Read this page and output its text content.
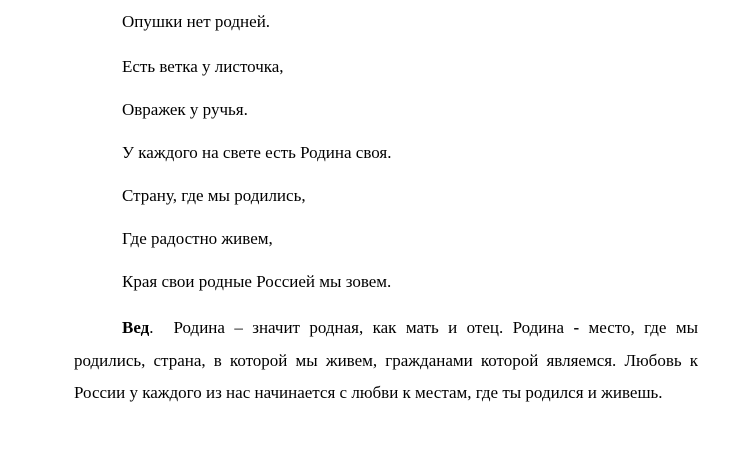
Опушки нет родней.
Есть ветка у листочка,
Овражек у ручья.
У каждого на свете есть Родина своя.
Страну, где мы родились,
Где радостно живем,
Края свои родные Россией мы зовем.
Вед. Родина – значит родная, как мать и отец. Родина - место, где мы родились, страна, в которой мы живем, гражданами которой являемся. Любовь к России у каждого из нас начинается с любви к местам, где ты родился и живешь.
